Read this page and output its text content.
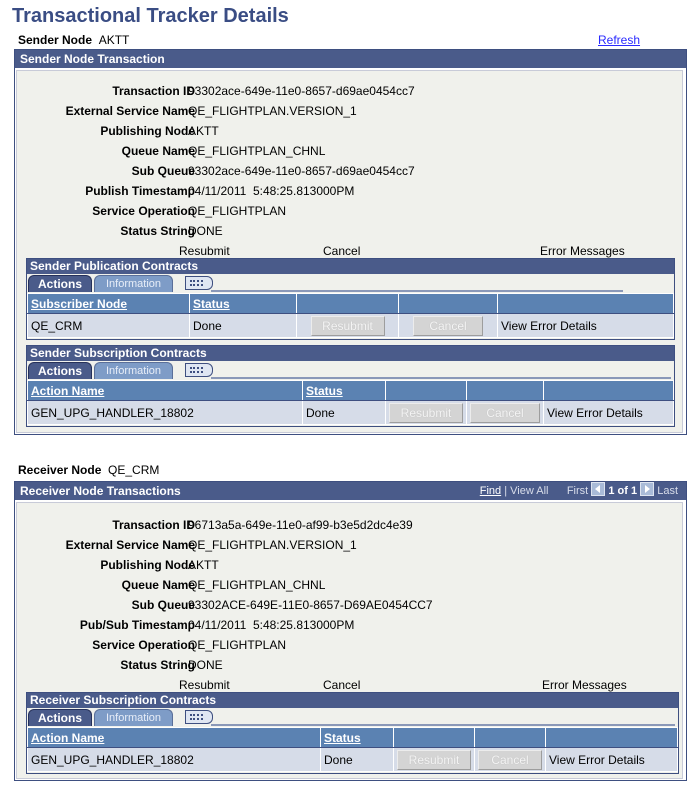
Transactional Tracker Details
Sender Node AKTT	Refresh
Sender Node Transaction
Transaction ID
93302ace-649e-11e0-8657-d69ae0454cc7
External Service Name
QE_FLIGHTPLAN.VERSION_1
Publishing Node
AKTT
Queue Name
QE_FLIGHTPLAN_CHNL
Sub Queue
93302ace-649e-11e0-8657-d69ae0454cc7
Publish Timestamp
04/11/2011  5:48:25.813000PM
Service Operation
QE_FLIGHTPLAN
Status String
DONE
Resubmit	Cancel	Error Messages
Sender Publication Contracts
Actions	Information
Subscriber Node	Status			
QE_CRM	Done	Resubmit	Cancel	View Error Details
Sender Subscription Contracts
Actions	Information
Action Name	Status			
GEN_UPG_HANDLER_18802	Done	Resubmit	Cancel	View Error Details
Receiver Node QE_CRM
Receiver Node Transactions	Find | View All First 1 of 1 Last
Transaction ID
96713a5a-649e-11e0-af99-b3e5d2dc4e39
External Service Name
QE_FLIGHTPLAN.VERSION_1
Publishing Node
AKTT
Queue Name
QE_FLIGHTPLAN_CHNL
Sub Queue
93302ACE-649E-11E0-8657-D69AE0454CC7
Pub/Sub Timestamp
04/11/2011  5:48:25.813000PM
Service Operation
QE_FLIGHTPLAN
Status String
DONE
Resubmit	Cancel	Error Messages
Receiver Subscription Contracts
Actions	Information
Action Name	Status			
GEN_UPG_HANDLER_18802	Done	Resubmit	Cancel	View Error Details
